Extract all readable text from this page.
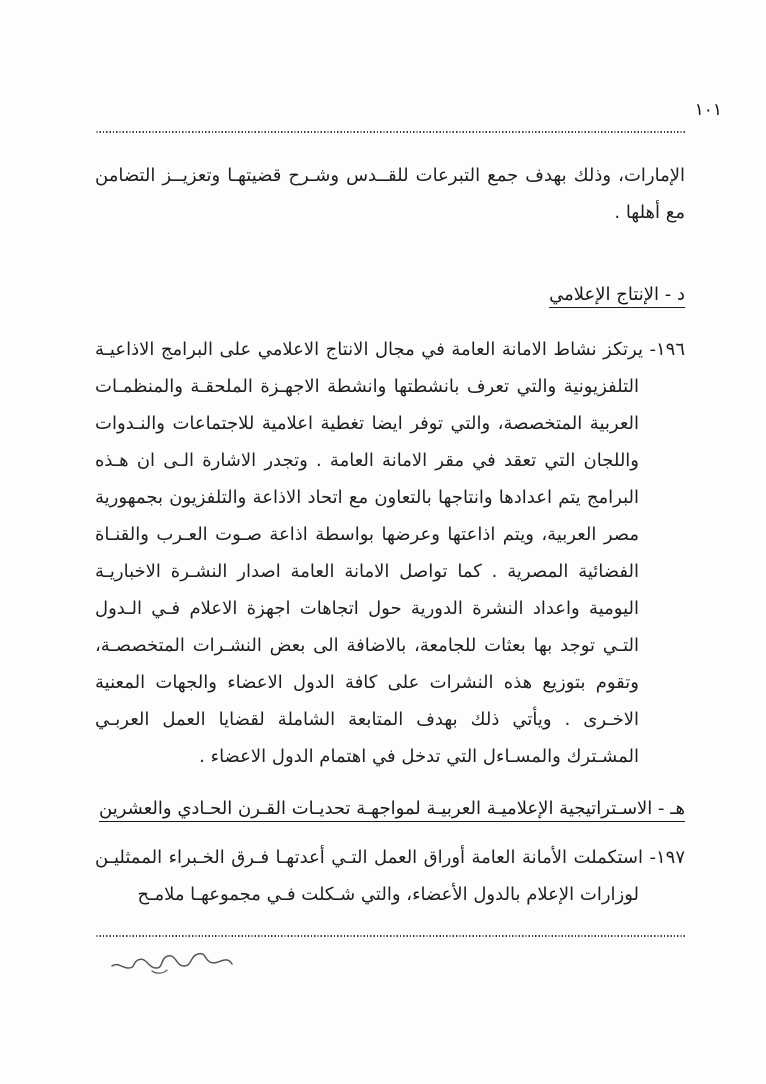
١٠١

الإمارات، وذلك بهدف جمع التبرعات للقــدس وشـرح قضيتهـا وتعزيــز التضامن مع أهلها .

د - الإنتاج الإعلامي

١٩٦- يرتكز نشاط الامانة العامة في مجال الانتاج الاعلامي على البرامج الاذاعيـة التلفزيونية والتي تعرف بانشطتها وانشطة الاجهـزة الملحقـة والمنظمـات العربية المتخصصة، والتي توفر ايضا تغطية اعلامية للاجتماعات والنـدوات واللجان التي تعقد في مقر الامانة العامة . وتجدر الاشارة الـى ان هـذه البرامج يتم اعدادها وانتاجها بالتعاون مع اتحاد الاذاعة والتلفزيون بجمهورية مصر العربية، ويتم اذاعتها وعرضها بواسطة اذاعة صـوت العـرب والقنـاة الفضائية المصرية . كما تواصل الامانة العامة اصدار النشـرة الاخباريـة اليومية واعداد النشرة الدورية حول اتجاهات اجهزة الاعلام فـي الـدول التـي توجد بها بعثات للجامعة، بالاضافة الى بعض النشـرات المتخصصـة، وتقوم بتوزيع هذه النشرات على كافة الدول الاعضاء والجهات المعنية الاخـرى . ويأتي ذلك بهدف المتابعة الشاملة لقضايا العمل العربـي المشـترك والمسـاءل التي تدخل في اهتمام الدول الاعضاء .

هـ - الاسـتراتيجية الإعلاميـة العربيـة لمواجهـة تحديـات القـرن الحـادي والعشرين

١٩٧- استكملت الأمانة العامة أوراق العمل التـي أعدتهـا فـرق الخـبراء الممثليـن لوزارات الإعلام بالدول الأعضاء، والتي شـكلت فـي مجموعهـا ملامـح
